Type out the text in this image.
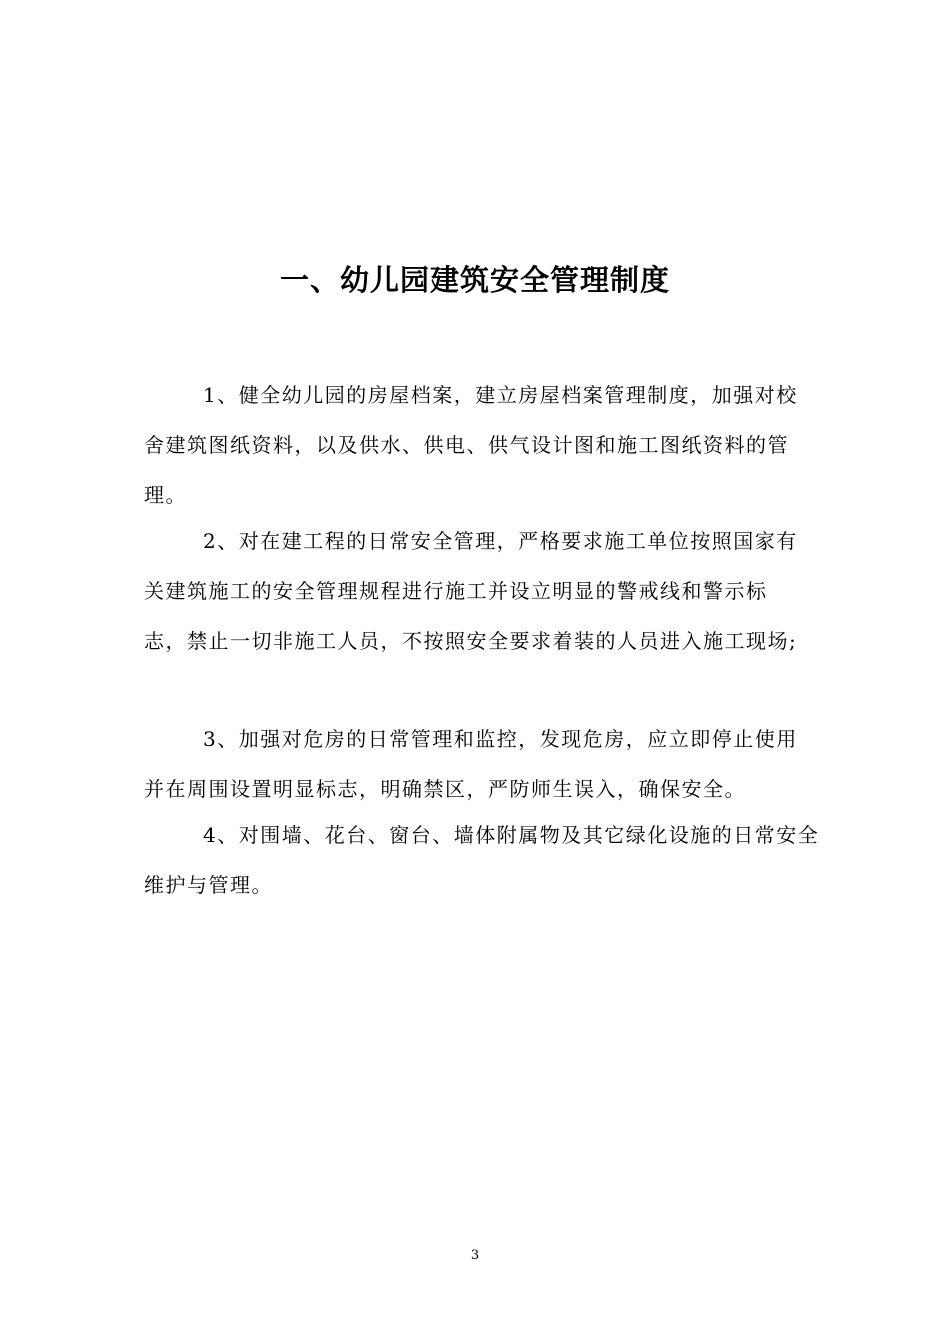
一、幼儿园建筑安全管理制度
1、健全幼儿园的房屋档案，建立房屋档案管理制度，加强对校
舍建筑图纸资料，以及供水、供电、供气设计图和施工图纸资料的管
理。
2、对在建工程的日常安全管理，严格要求施工单位按照国家有
关建筑施工的安全管理规程进行施工并设立明显的警戒线和警示标
志，禁止一切非施工人员，不按照安全要求着装的人员进入施工现场;
3、加强对危房的日常管理和监控，发现危房，应立即停止使用
并在周围设置明显标志，明确禁区，严防师生误入，确保安全。
4、对围墙、花台、窗台、墙体附属物及其它绿化设施的日常安全
维护与管理。
3
